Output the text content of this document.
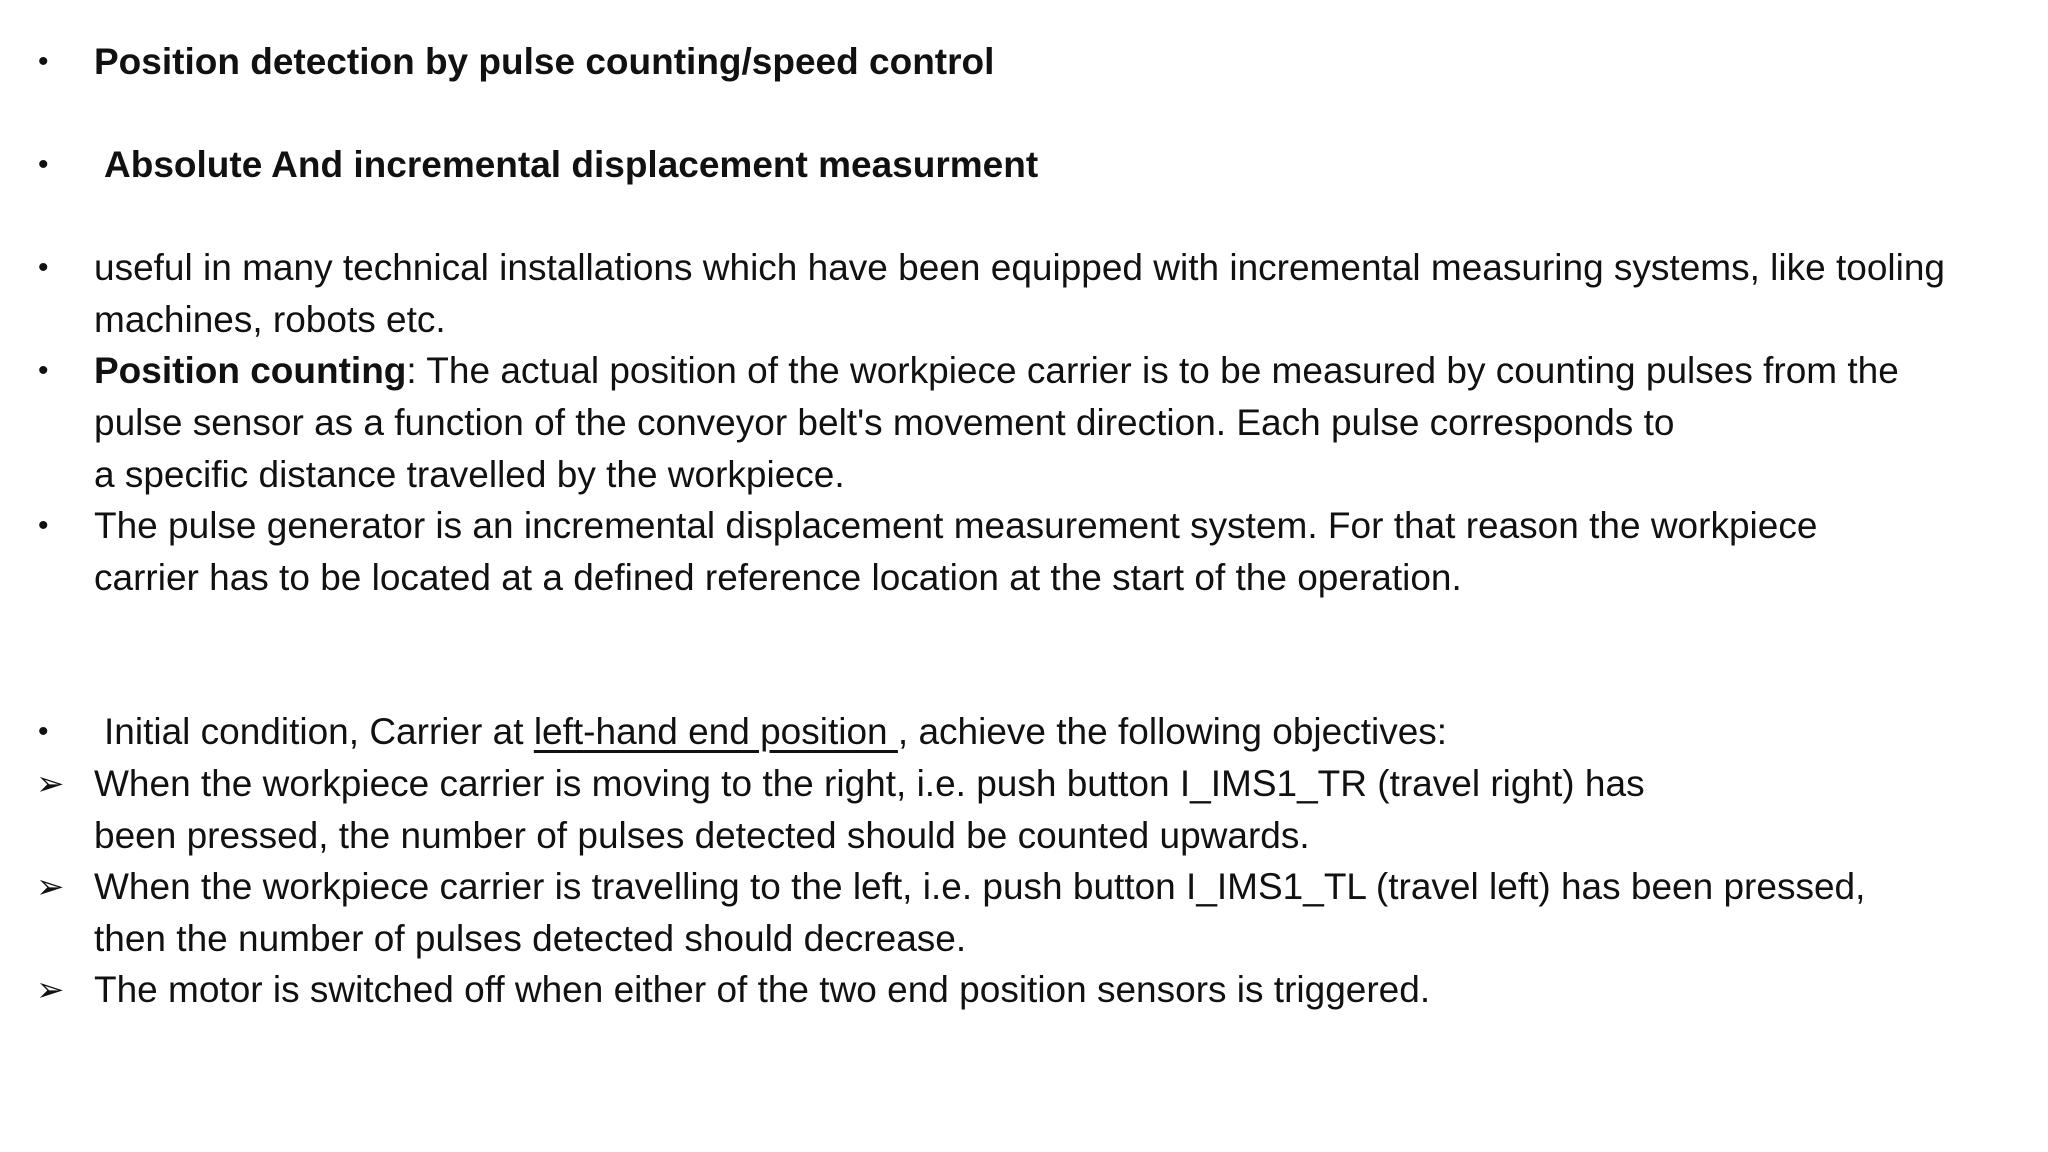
•	Position detection by pulse counting/speed control
•	Absolute And incremental displacement measurment
•	useful in many technical installations which have been equipped with incremental measuring systems, like tooling machines, robots etc.
•	Position counting: The actual position of the workpiece carrier is to be measured by counting pulses from the
pulse sensor as a function of the conveyor belt's movement direction. Each pulse corresponds to
a specific distance travelled by the workpiece.
•	The pulse generator is an incremental displacement measurement system. For that reason the workpiece
carrier has to be located at a defined reference location at the start of the operation.
•	Initial condition, Carrier at left-hand end position , achieve the following objectives:
➢ When the workpiece carrier is moving to the right, i.e. push button I_IMS1_TR (travel right) has
been pressed, the number of pulses detected should be counted upwards.
➢ When the workpiece carrier is travelling to the left, i.e. push button I_IMS1_TL (travel left) has been pressed,
then the number of pulses detected should decrease.
➢ The motor is switched off when either of the two end position sensors is triggered.
